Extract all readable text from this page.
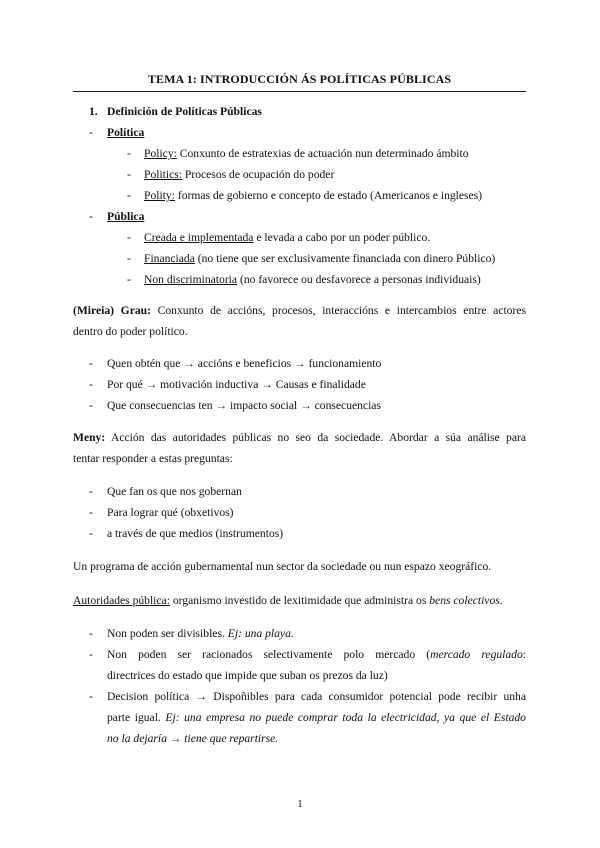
TEMA 1: INTRODUCCIÓN ÁS POLÍTICAS PÚBLICAS
1. Definición de Políticas Públicas
- Política
- Policy: Conxunto de estratexias de actuación nun determinado ámbito
- Politics: Procesos de ocupación do poder
- Polity: formas de gobierno e concepto de estado (Americanos e ingleses)
- Pública
- Creada e implementada e levada a cabo por un poder público.
- Financiada (no tiene que ser exclusivamente financiada con dinero Público)
- Non discriminatoria (no favorece ou desfavorece a personas individuais)
(Mireia) Grau: Conxunto de accións, procesos, interaccións e intercambios entre actores
dentro do poder político.
- Quen obtén que → accións e beneficios → funcionamiento
- Por qué → motivación inductiva → Causas e finalidade
- Que consecuencias ten → impacto social → consecuencias
Meny: Acción das autoridades públicas no seo da sociedade. Abordar a súa análise para
tentar responder a estas preguntas:
- Que fan os que nos gobernan
- Para lograr qué (obxetivos)
- a través de que medios (instrumentos)
Un programa de acción gubernamental nun sector da sociedade ou nun espazo xeográfico.
Autoridades pública: organismo investido de lexitimidade que administra os bens colectivos.
- Non poden ser divisibles. Ej: una playa.
- Non poden ser racionados selectivamente polo mercado (mercado regulado:
directrices do estado que impide que suban os prezos da luz)
- Decision política → Dispoñibles para cada consumidor potencial pode recibir unha
parte igual. Ej: una empresa no puede comprar toda la electricidad, ya que el Estado
no la dejaría → tiene que repartirse.
1
